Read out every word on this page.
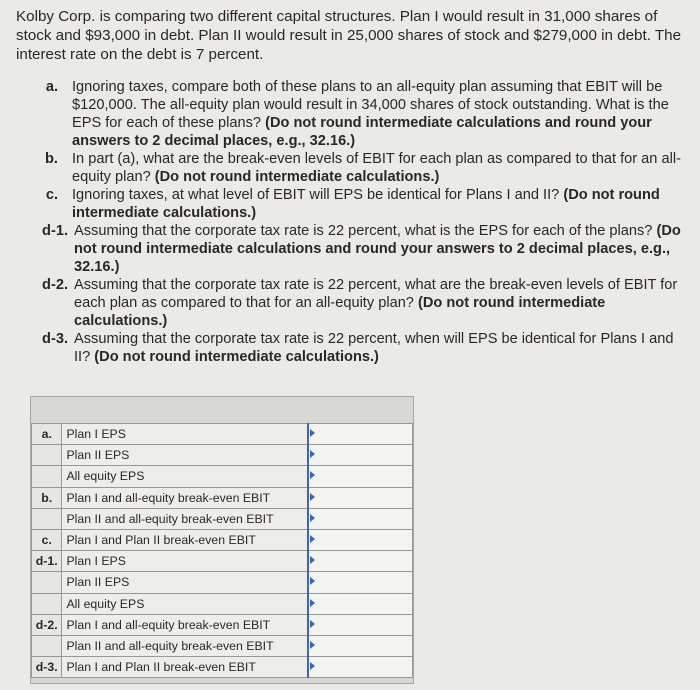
Kolby Corp. is comparing two different capital structures. Plan I would result in 31,000 shares of stock and $93,000 in debt. Plan II would result in 25,000 shares of stock and $279,000 in debt. The interest rate on the debt is 7 percent.

a. Ignoring taxes, compare both of these plans to an all-equity plan assuming that EBIT will be $120,000. The all-equity plan would result in 34,000 shares of stock outstanding. What is the EPS for each of these plans? (Do not round intermediate calculations and round your answers to 2 decimal places, e.g., 32.16.)
b. In part (a), what are the break-even levels of EBIT for each plan as compared to that for an all-equity plan? (Do not round intermediate calculations.)
c. Ignoring taxes, at what level of EBIT will EPS be identical for Plans I and II? (Do not round intermediate calculations.)
d-1. Assuming that the corporate tax rate is 22 percent, what is the EPS for each of the plans? (Do not round intermediate calculations and round your answers to 2 decimal places, e.g., 32.16.)
d-2. Assuming that the corporate tax rate is 22 percent, what are the break-even levels of EBIT for each plan as compared to that for an all-equity plan? (Do not round intermediate calculations.)
d-3. Assuming that the corporate tax rate is 22 percent, when will EPS be identical for Plans I and II? (Do not round intermediate calculations.)
a.	Plan I EPS	
	Plan II EPS	
	All equity EPS	
b.	Plan I and all-equity break-even EBIT	
	Plan II and all-equity break-even EBIT	
c.	Plan I and Plan II break-even EBIT	
d-1.	Plan I EPS	
	Plan II EPS	
	All equity EPS	
d-2.	Plan I and all-equity break-even EBIT	
	Plan II and all-equity break-even EBIT	
d-3.	Plan I and Plan II break-even EBIT	
